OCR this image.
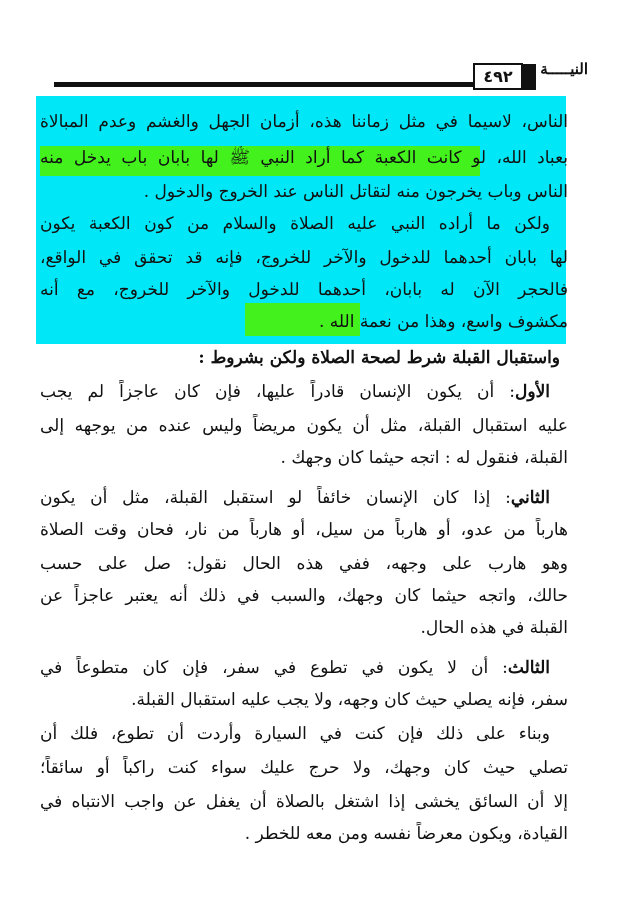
النيـــــة
٤٩٢
الناس، لاسيما في مثل زماننا هذه، أزمان الجهل والغشم وعدم المبالاة
بعباد الله، لو كانت الكعبة كما أراد النبي ﷺ لها بابان باب يدخل منه
الناس وباب يخرجون منه لتقاتل الناس عند الخروج والدخول .
ولكن ما أراده النبي عليه الصلاة والسلام من كون الكعبة يكون
لها بابان أحدهما للدخول والآخر للخروج، فإنه قد تحقق في الواقع،
فالحجر الآن له بابان، أحدهما للدخول والآخر للخروج، مع أنه
مكشوف واسع، وهذا من نعمة الله .
واستقبال القبلة شرط لصحة الصلاة ولكن بشروط :
الأول: أن يكون الإنسان قادراً عليها، فإن كان عاجزاً لم يجب
عليه استقبال القبلة، مثل أن يكون مريضاً وليس عنده من يوجهه إلى
القبلة، فنقول له : اتجه حيثما كان وجهك .
الثاني: إذا كان الإنسان خائفاً لو استقبل القبلة، مثل أن يكون
هارباً من عدو، أو هارباً من سيل، أو هارباً من نار، فحان وقت الصلاة
وهو هارب على وجهه، ففي هذه الحال نقول: صل على حسب
حالك، واتجه حيثما كان وجهك، والسبب في ذلك أنه يعتبر عاجزاً عن
القبلة في هذه الحال.
الثالث: أن لا يكون في تطوع في سفر، فإن كان متطوعاً في
سفر، فإنه يصلي حيث كان وجهه، ولا يجب عليه استقبال القبلة.
وبناء على ذلك فإن كنت في السيارة وأردت أن تطوع، فلك أن
تصلي حيث كان وجهك، ولا حرج عليك سواء كنت راكباً أو سائقاً؛
إلا أن السائق يخشى إذا اشتغل بالصلاة أن يغفل عن واجب الانتباه في
القيادة، ويكون معرضاً نفسه ومن معه للخطر .
